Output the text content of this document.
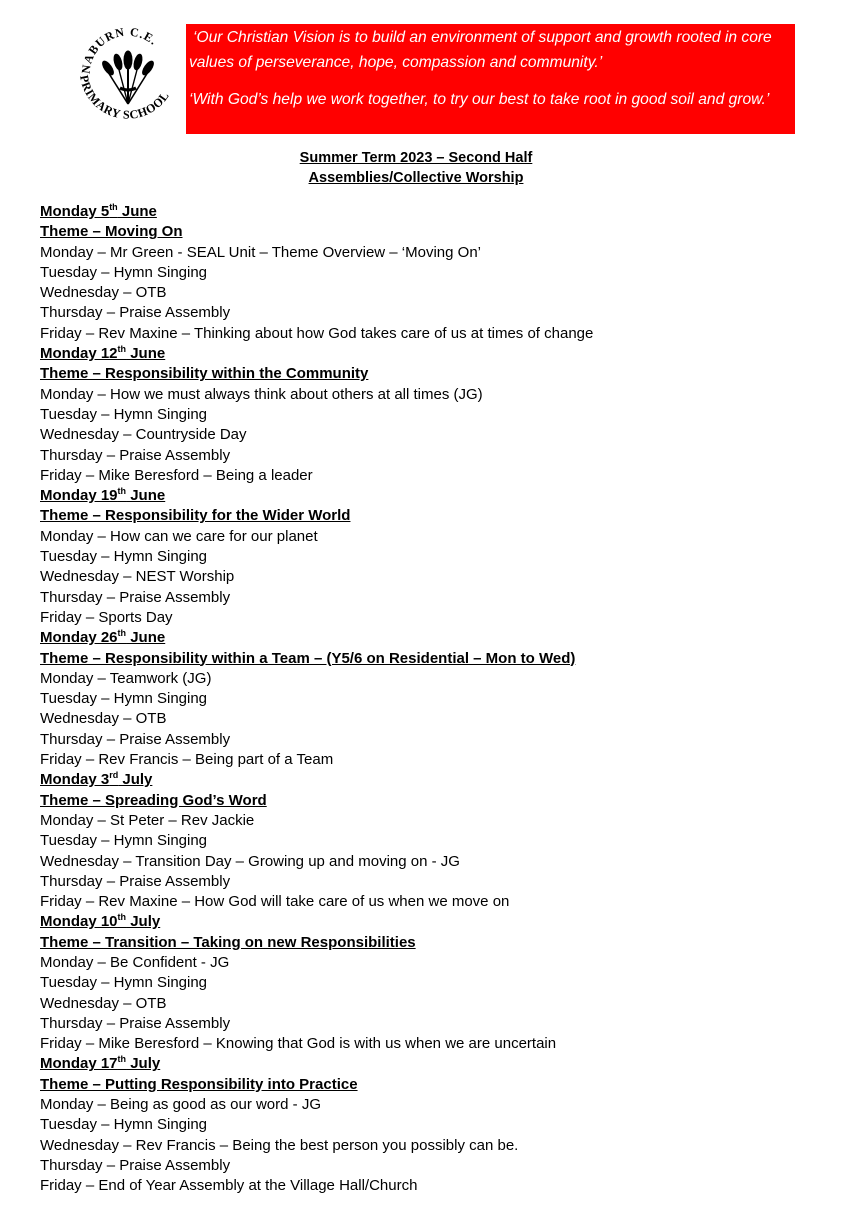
NABURN C.E.
PRIMARY SCHOOL

‘Our Christian Vision is to build an environment of support and growth rooted in core values of perseverance, hope, compassion and community.’

‘With God’s help we work together, to try our best to take root in good soil and grow.’

Summer Term 2023 – Second Half
Assemblies/Collective Worship
Monday 5th June
Theme – Moving On
Monday – Mr Green - SEAL Unit – Theme Overview – ‘Moving On’
Tuesday – Hymn Singing
Wednesday – OTB
Thursday – Praise Assembly
Friday – Rev Maxine – Thinking about how God takes care of us at times of change
Monday 12th June
Theme – Responsibility within the Community
Monday – How we must always think about others at all times (JG)
Tuesday – Hymn Singing
Wednesday – Countryside Day
Thursday – Praise Assembly
Friday – Mike Beresford – Being a leader
Monday 19th June
Theme – Responsibility for the Wider World
Monday – How can we care for our planet
Tuesday – Hymn Singing
Wednesday – NEST Worship
Thursday – Praise Assembly
Friday – Sports Day
Monday 26th June
Theme – Responsibility within a Team – (Y5/6 on Residential – Mon to Wed)
Monday – Teamwork (JG)
Tuesday – Hymn Singing
Wednesday – OTB
Thursday – Praise Assembly
Friday – Rev Francis – Being part of a Team
Monday 3rd July
Theme – Spreading God’s Word
Monday – St Peter – Rev Jackie
Tuesday – Hymn Singing
Wednesday – Transition Day – Growing up and moving on - JG
Thursday – Praise Assembly
Friday – Rev Maxine – How God will take care of us when we move on
Monday 10th July
Theme – Transition – Taking on new Responsibilities
Monday – Be Confident - JG
Tuesday – Hymn Singing
Wednesday – OTB
Thursday – Praise Assembly
Friday – Mike Beresford – Knowing that God is with us when we are uncertain
Monday 17th July
Theme – Putting Responsibility into Practice
Monday – Being as good as our word - JG
Tuesday – Hymn Singing
Wednesday – Rev Francis – Being the best person you possibly can be.
Thursday – Praise Assembly
Friday – End of Year Assembly at the Village Hall/Church
